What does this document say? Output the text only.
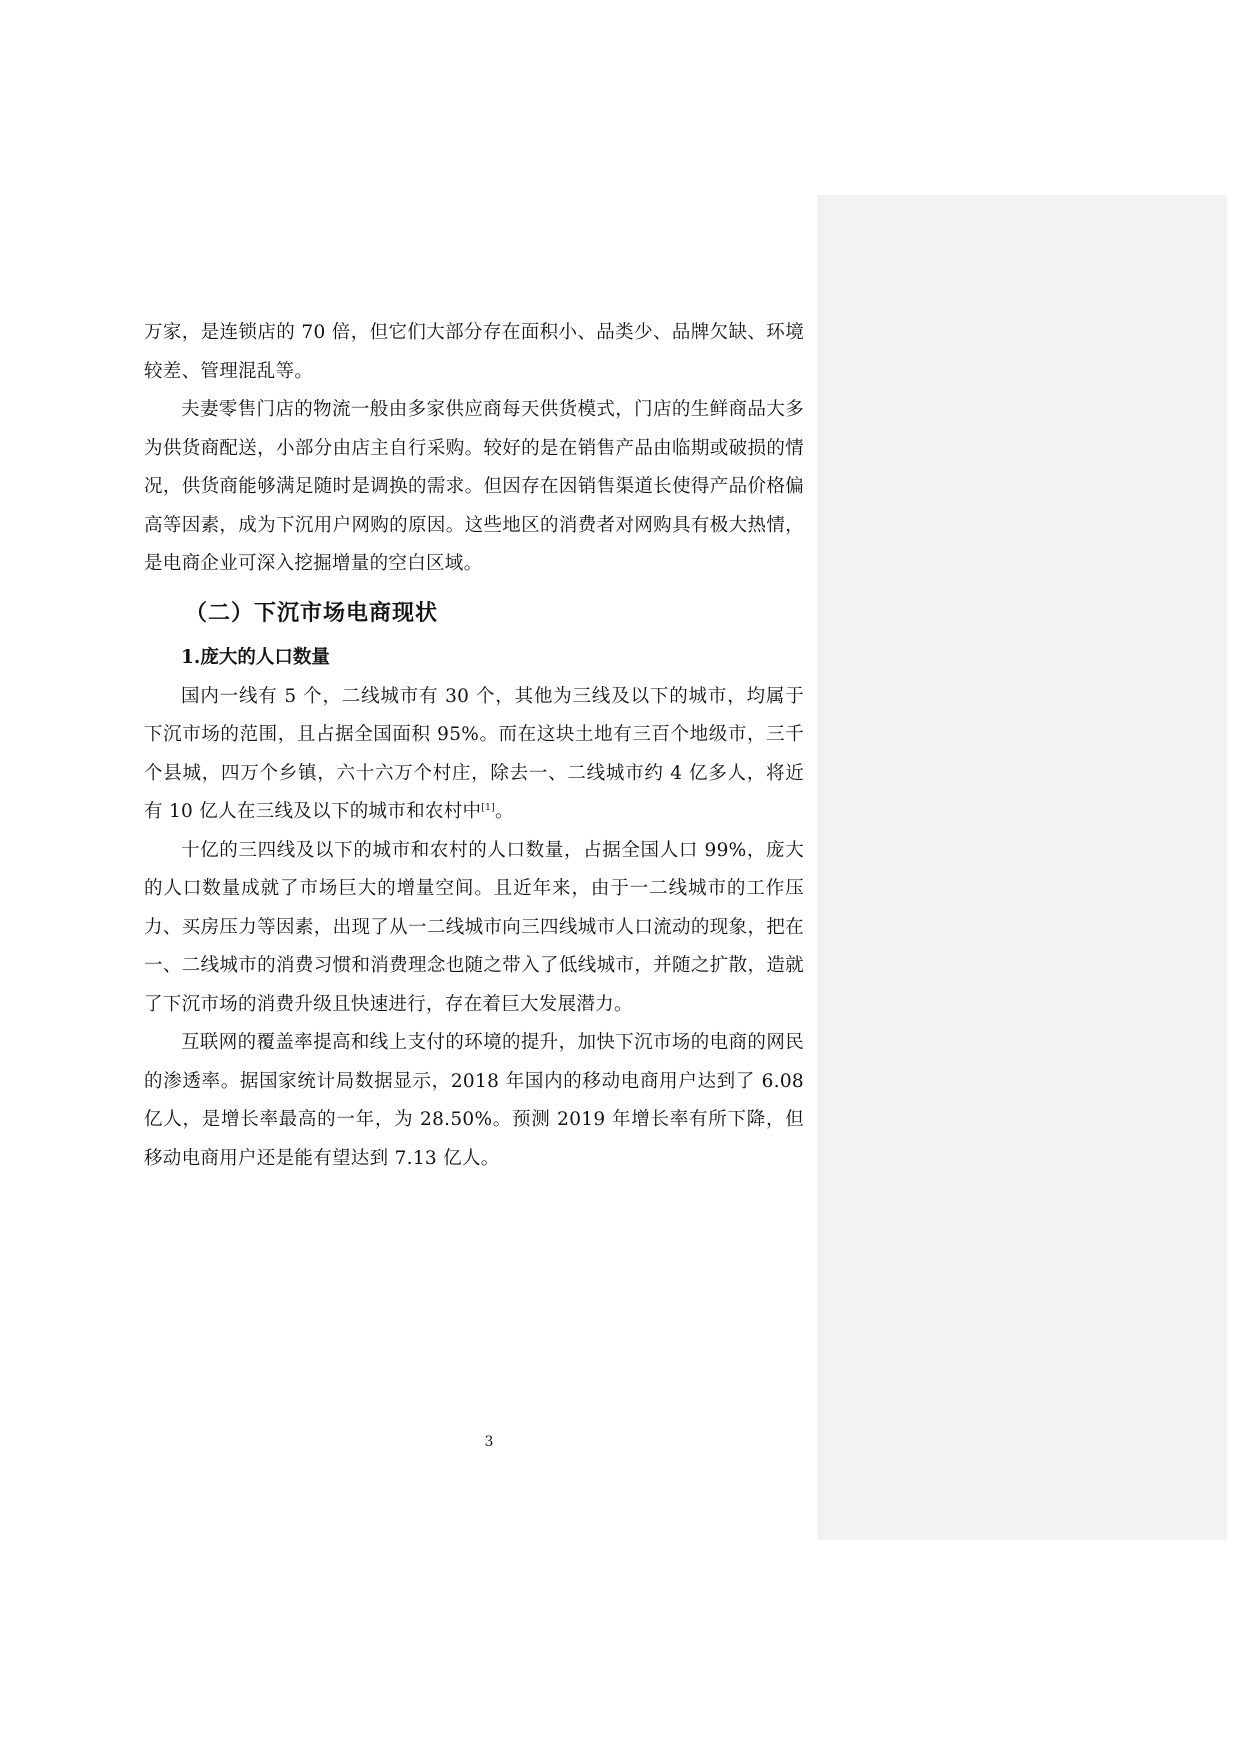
万家，是连锁店的 70 倍，但它们大部分存在面积小、品类少、品牌欠缺、环境较差、管理混乱等。

夫妻零售门店的物流一般由多家供应商每天供货模式，门店的生鲜商品大多为供货商配送，小部分由店主自行采购。较好的是在销售产品由临期或破损的情况，供货商能够满足随时是调换的需求。但因存在因销售渠道长使得产品价格偏高等因素，成为下沉用户网购的原因。这些地区的消费者对网购具有极大热情，是电商企业可深入挖掘增量的空白区域。

（二）下沉市场电商现状
1.庞大的人口数量

国内一线有 5 个，二线城市有 30 个，其他为三线及以下的城市，均属于下沉市场的范围，且占据全国面积 95%。而在这块土地有三百个地级市，三千个县城，四万个乡镇，六十六万个村庄，除去一、二线城市约 4 亿多人，将近有 10 亿人在三线及以下的城市和农村中[1]。

十亿的三四线及以下的城市和农村的人口数量，占据全国人口 99%，庞大的人口数量成就了市场巨大的增量空间。且近年来，由于一二线城市的工作压力、买房压力等因素，出现了从一二线城市向三四线城市人口流动的现象，把在一、二线城市的消费习惯和消费理念也随之带入了低线城市，并随之扩散，造就了下沉市场的消费升级且快速进行，存在着巨大发展潜力。

互联网的覆盖率提高和线上支付的环境的提升，加快下沉市场的电商的网民的渗透率。据国家统计局数据显示，2018 年国内的移动电商用户达到了 6.08 亿人，是增长率最高的一年，为 28.50%。预测 2019 年增长率有所下降，但移动电商用户还是能有望达到 7.13 亿人。

3
